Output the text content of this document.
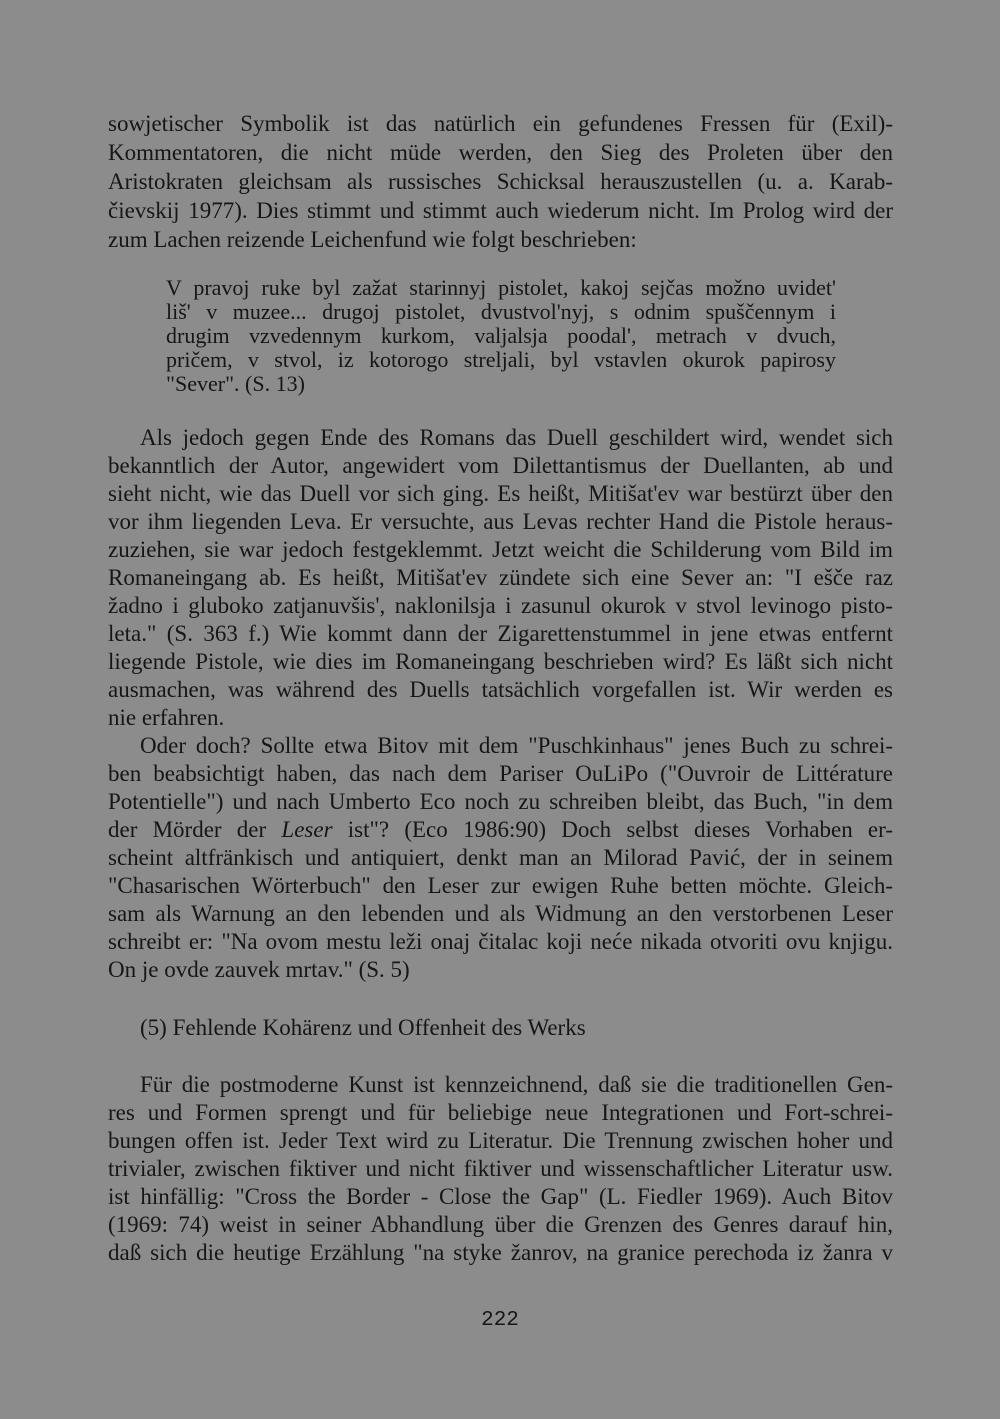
sowjetischer Symbolik ist das natürlich ein gefundenes Fressen für (Exil)-
Kommentatoren, die nicht müde werden, den Sieg des Proleten über den
Aristokraten gleichsam als russisches Schicksal herauszustellen (u. a. Karab-
čievskij 1977). Dies stimmt und stimmt auch wiederum nicht. Im Prolog wird der
zum Lachen reizende Leichenfund wie folgt beschrieben:
V pravoj ruke byl zažat starinnyj pistolet, kakoj sejčas možno uvidet'
liš' v muzee... drugoj pistolet, dvustvol'nyj, s odnim spuščennym i
drugim vzvedennym kurkom, valjalsja poodal', metrach v dvuch,
pričem, v stvol, iz kotorogo streljali, byl vstavlen okurok papirosy
"Sever". (S. 13)
Als jedoch gegen Ende des Romans das Duell geschildert wird, wendet sich
bekanntlich der Autor, angewidert vom Dilettantismus der Duellanten, ab und
sieht nicht, wie das Duell vor sich ging. Es heißt, Mitišat'ev war bestürzt über den
vor ihm liegenden Leva. Er versuchte, aus Levas rechter Hand die Pistole heraus-
zuziehen, sie war jedoch festgeklemmt. Jetzt weicht die Schilderung vom Bild im
Romaneingang ab. Es heißt, Mitišat'ev zündete sich eine Sever an: "I ešče raz
žadno i gluboko zatjanuvšis', naklonilsja i zasunul okurok v stvol levinogo pisto-
leta." (S. 363 f.) Wie kommt dann der Zigarettenstummel in jene etwas entfernt
liegende Pistole, wie dies im Romaneingang beschrieben wird? Es läßt sich nicht
ausmachen, was während des Duells tatsächlich vorgefallen ist. Wir werden es
nie erfahren.
Oder doch? Sollte etwa Bitov mit dem "Puschkinhaus" jenes Buch zu schrei-
ben beabsichtigt haben, das nach dem Pariser OuLiPo ("Ouvroir de Littérature
Potentielle") und nach Umberto Eco noch zu schreiben bleibt, das Buch, "in dem
der Mörder der Leser ist"? (Eco 1986:90) Doch selbst dieses Vorhaben er-
scheint altfränkisch und antiquiert, denkt man an Milorad Pavić, der in seinem
"Chasarischen Wörterbuch" den Leser zur ewigen Ruhe betten möchte. Gleich-
sam als Warnung an den lebenden und als Widmung an den verstorbenen Leser
schreibt er: "Na ovom mestu leži onaj čitalac koji neće nikada otvoriti ovu knjigu.
On je ovde zauvek mrtav." (S. 5)
(5) Fehlende Kohärenz und Offenheit des Werks
Für die postmoderne Kunst ist kennzeichnend, daß sie die traditionellen Gen-
res und Formen sprengt und für beliebige neue Integrationen und Fort-schrei-
bungen offen ist. Jeder Text wird zu Literatur. Die Trennung zwischen hoher und
trivialer, zwischen fiktiver und nicht fiktiver und wissenschaftlicher Literatur usw.
ist hinfällig: "Cross the Border - Close the Gap" (L. Fiedler 1969). Auch Bitov
(1969: 74) weist in seiner Abhandlung über die Grenzen des Genres darauf hin,
daß sich die heutige Erzählung "na styke žanrov, na granice perechoda iz žanra v
222
